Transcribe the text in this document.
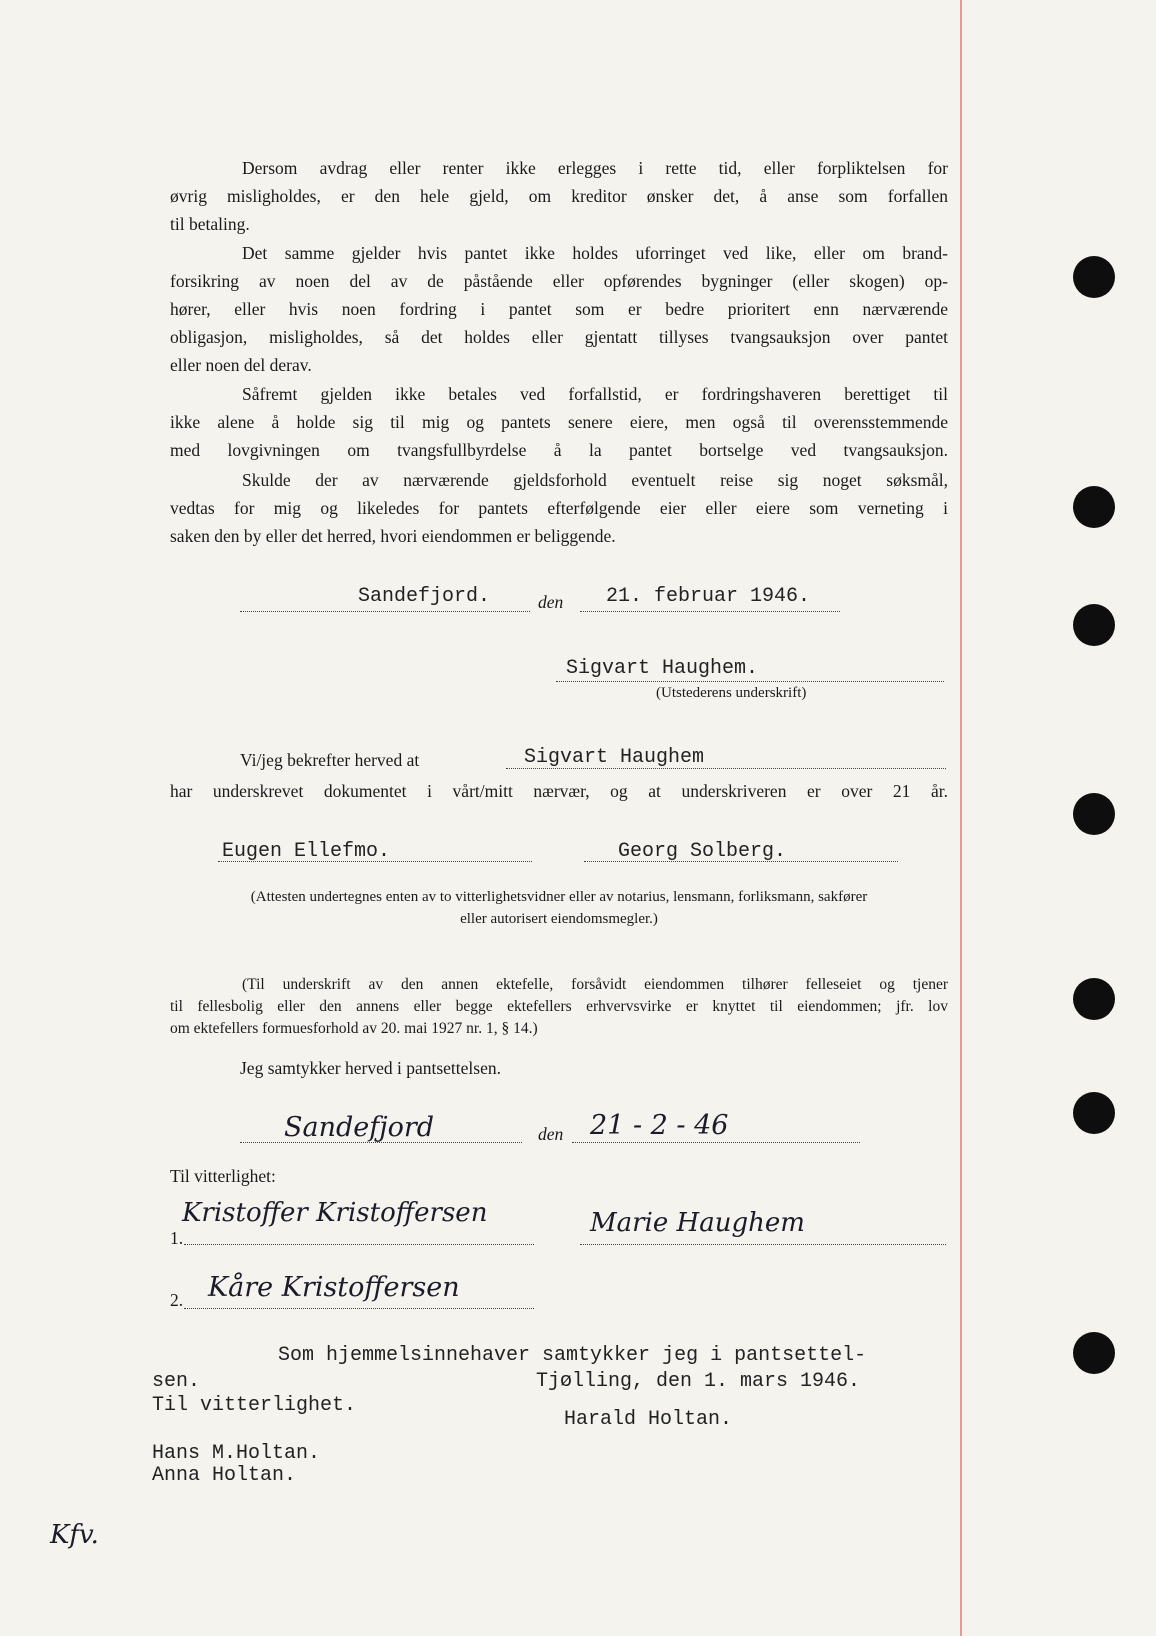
Dersom avdrag eller renter ikke erlegges i rette tid, eller forpliktelsen for
øvrig misligholdes, er den hele gjeld, om kreditor ønsker det, å anse som forfallen
til betaling.
Det samme gjelder hvis pantet ikke holdes uforringet ved like, eller om brand-
forsikring av noen del av de påstående eller opførendes bygninger (eller skogen) op-
hører, eller hvis noen fordring i pantet som er bedre prioritert enn nærværende
obligasjon, misligholdes, så det holdes eller gjentatt tillyses tvangsauksjon over pantet
eller noen del derav.
Såfremt gjelden ikke betales ved forfallstid, er fordringshaveren berettiget til
ikke alene å holde sig til mig og pantets senere eiere, men også til overensstemmende
med lovgivningen om tvangsfullbyrdelse å la pantet bortselge ved tvangsauksjon.
Skulde der av nærværende gjeldsforhold eventuelt reise sig noget søksmål,
vedtas for mig og likeledes for pantets efterfølgende eier eller eiere som verneting i
saken den by eller det herred, hvori eiendommen er beliggende.
Sandefjord.	den 21. februar 1946.
Sigvart Haughem.
(Utstederens underskrift)
Vi/jeg bekrefter herved at	Sigvart Haughem
har underskrevet dokumentet i vårt/mitt nærvær, og at underskriveren er over 21 år.
Eugen Ellefmo.	Georg Solberg.
(Attesten undertegnes enten av to vitterlighetsvidner eller av notarius, lensmann, forliksmann, sakfører
eller autorisert eiendomsmegler.)
(Til underskrift av den annen ektefelle, forsåvidt eiendommen tilhører felleseiet og tjener
til fellesbolig eller den annens eller begge ektefellers erhvervsvirke er knyttet til eiendommen; jfr. lov
om ektefellers formuesforhold av 20. mai 1927 nr. 1, § 14.)
Jeg samtykker herved i pantsettelsen.
Sandefjord	den 21 - 2 - 46
Til vitterlighet:
1.
Kristoffer Kristoffersen	Marie Haughem
2. Kåre Kristoffersen
Som hjemmelsinnehaver samtykker jeg i pantsettel-
sen.	Tjølling, den 1. mars 1946.
Til vitterlighet.
Harald Holtan.
Hans M.Holtan.
Anna Holtan.
Kfv.
